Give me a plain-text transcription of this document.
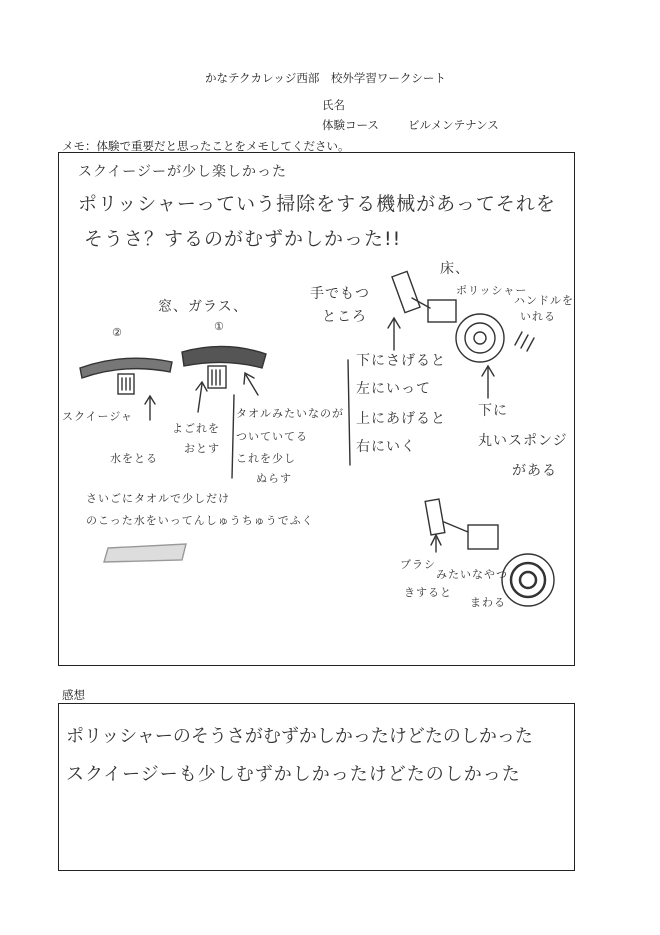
かなテクカレッジ西部　校外学習ワークシート
氏名
体験コース	ビルメンテナンス
メモ：体験で重要だと思ったことをメモしてください。
スクイージーが少し楽しかった
ポリッシャーっていう掃除をする機械があってそれを
そうさ？するのがむずかしかった!!
窓、ガラス、
②	①
スクイージャ
水をとる
よごれを
おとす
タオルみたいなのが
ついていてる
これを少し
ぬらす
手でもつ
ところ
床、
ポリッシャー
ハンドルを
いれる
下にさげると
左にいって
上にあげると
右にいく
下に
丸いスポンジ
がある
さいごにタオルで少しだけ
のこった水をいってんしゅうちゅうでふく
ブラシ
きすると
みたいなやつ
まわる
感想
ポリッシャーのそうさがむずかしかったけどたのしかった
スクイージーも少しむずかしかったけどたのしかった
